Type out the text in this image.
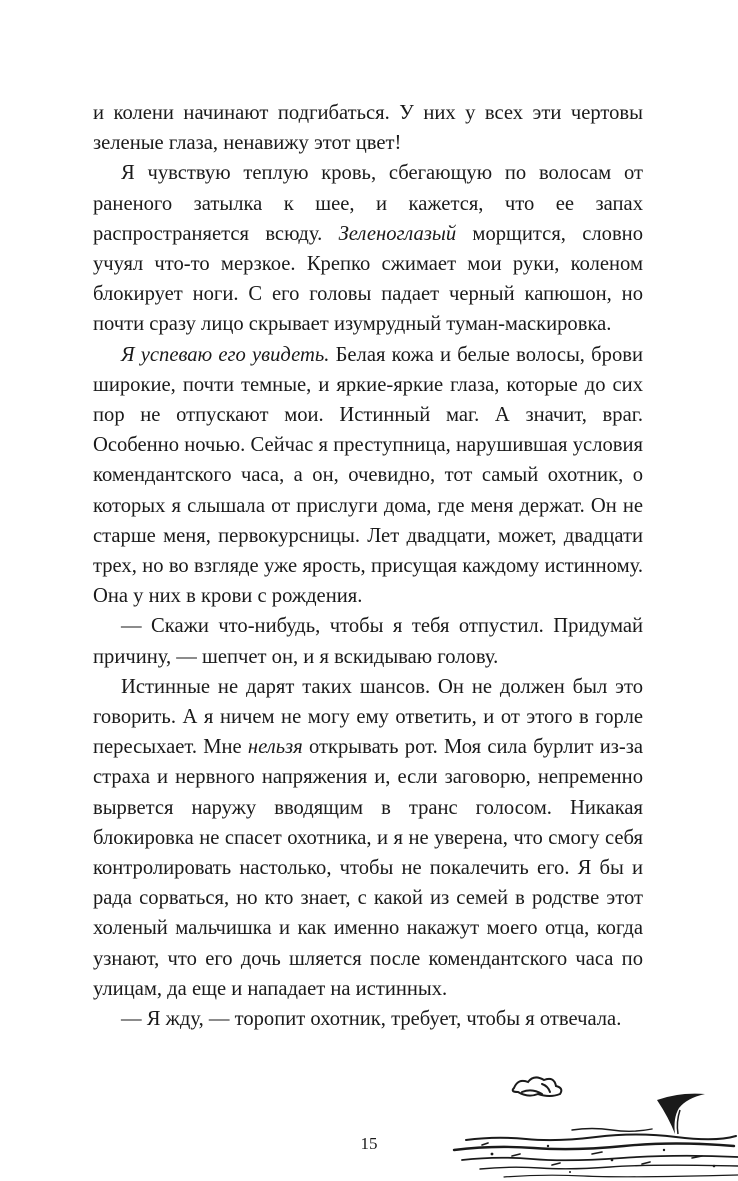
и колени начинают подгибаться. У них у всех эти чертовы зеленые глаза, ненавижу этот цвет!

Я чувствую теплую кровь, сбегающую по волосам от раненого затылка к шее, и кажется, что ее запах распространяется всюду. Зеленоглазый морщится, словно учуял что-то мерзкое. Крепко сжимает мои руки, коленом блокирует ноги. С его головы падает черный капюшон, но почти сразу лицо скрывает изумрудный туман-маскировка.

Я успеваю его увидеть. Белая кожа и белые волосы, брови широкие, почти темные, и яркие-яркие глаза, которые до сих пор не отпускают мои. Истинный маг. А значит, враг. Особенно ночью. Сейчас я преступница, нарушившая условия комендантского часа, а он, очевидно, тот самый охотник, о которых я слышала от прислуги дома, где меня держат. Он не старше меня, первокурсницы. Лет двадцати, может, двадцати трех, но во взгляде уже ярость, присущая каждому истинному. Она у них в крови с рождения.

— Скажи что-нибудь, чтобы я тебя отпустил. Придумай причину, — шепчет он, и я вскидываю голову.

Истинные не дарят таких шансов. Он не должен был это говорить. А я ничем не могу ему ответить, и от этого в горле пересыхает. Мне нельзя открывать рот. Моя сила бурлит из-за страха и нервного напряжения и, если заговорю, непременно вырвется наружу вводящим в транс голосом. Никакая блокировка не спасет охотника, и я не уверена, что смогу себя контролировать настолько, чтобы не покалечить его. Я бы и рада сорваться, но кто знает, с какой из семей в родстве этот холеный мальчишка и как именно накажут моего отца, когда узнают, что его дочь шляется после комендантского часа по улицам, да еще и нападает на истинных.

— Я жду, — торопит охотник, требует, чтобы я отвечала.

15
